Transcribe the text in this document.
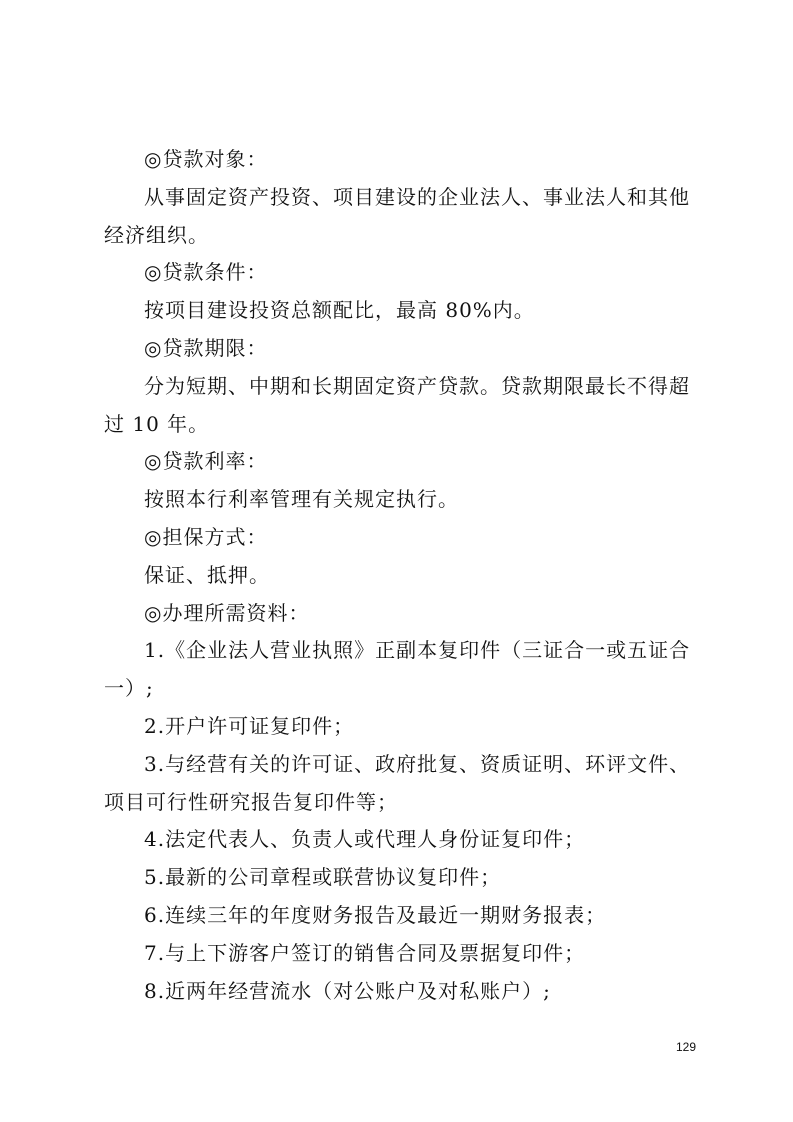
◎贷款对象：
从事固定资产投资、项目建设的企业法人、事业法人和其他
经济组织。
◎贷款条件：
按项目建设投资总额配比，最高 80%内。
◎贷款期限：
分为短期、中期和长期固定资产贷款。贷款期限最长不得超
过 10 年。
◎贷款利率：
按照本行利率管理有关规定执行。
◎担保方式：
保证、抵押。
◎办理所需资料：
1.《企业法人营业执照》正副本复印件（三证合一或五证合
一）;
2.开户许可证复印件；
3.与经营有关的许可证、政府批复、资质证明、环评文件、
项目可行性研究报告复印件等；
4.法定代表人、负责人或代理人身份证复印件；
5.最新的公司章程或联营协议复印件；
6.连续三年的年度财务报告及最近一期财务报表；
7.与上下游客户签订的销售合同及票据复印件；
8.近两年经营流水（对公账户及对私账户）;
129
